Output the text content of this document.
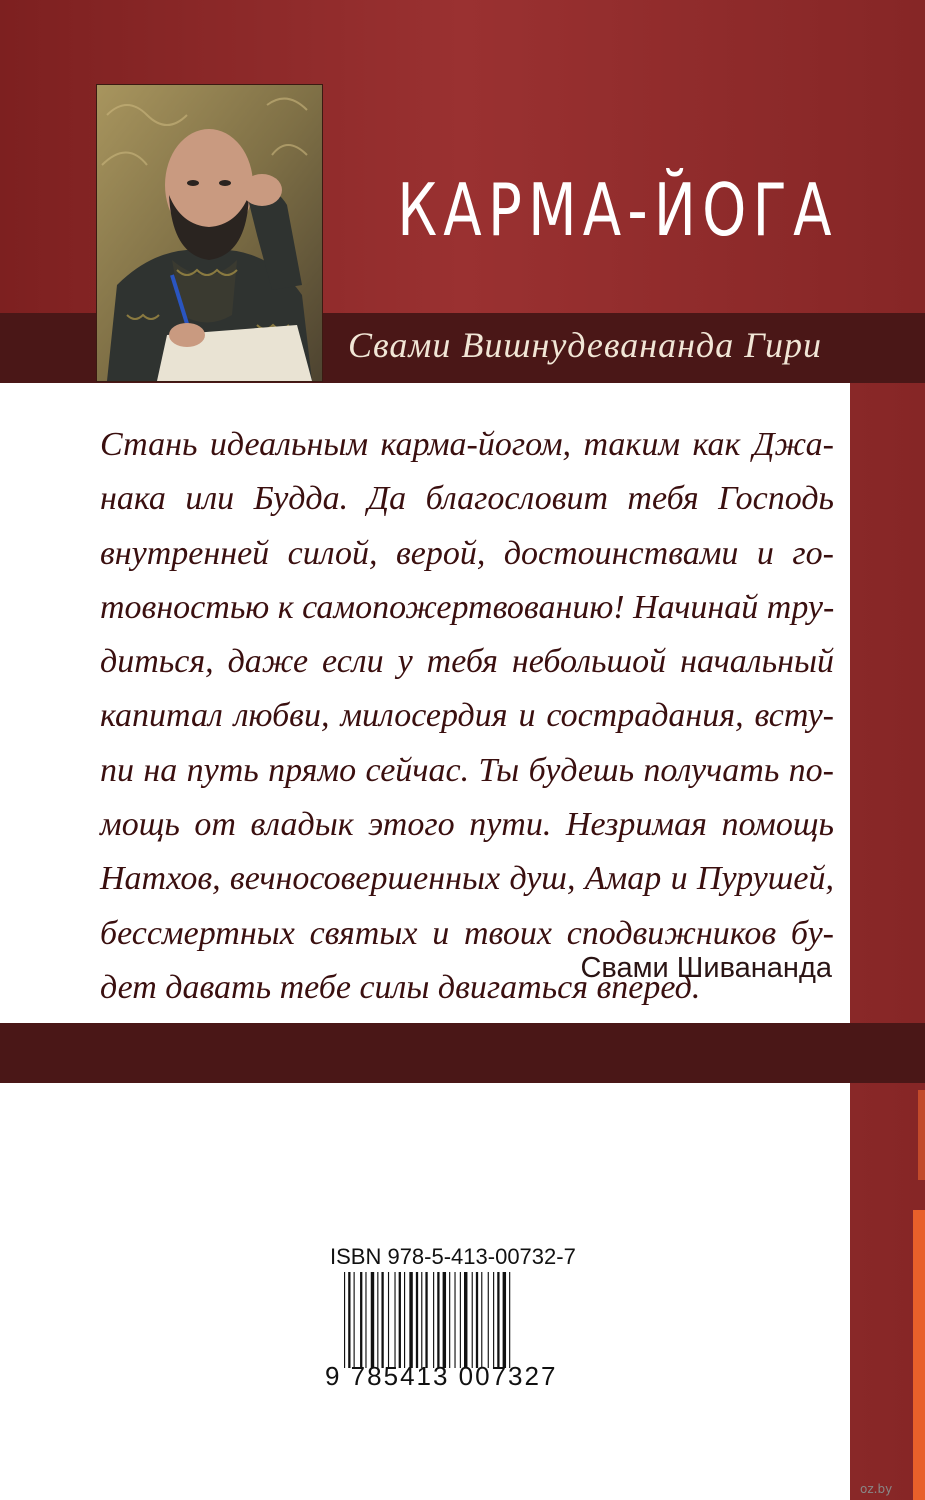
КАРМА-ЙОГА
Свами Вишнудевананда Гири
Стань идеальным карма-йогом, таким как Джа-
нака или Будда. Да благословит тебя Господь
внутренней силой, верой, достоинствами и го-
товностью к самопожертвованию! Начинай тру-
диться, даже если у тебя небольшой начальный
капитал любви, милосердия и сострадания, всту-
пи на путь прямо сейчас. Ты будешь получать по-
мощь от владык этого пути. Незримая помощь
Натхов, вечносовершенных душ, Амар и Пурушей,
бессмертных святых и твоих сподвижников бу-
дет давать тебе силы двигаться вперед.
Свами Шивананда
ISBN 978-5-413-00732-7
9 785413 007327
oz.by
